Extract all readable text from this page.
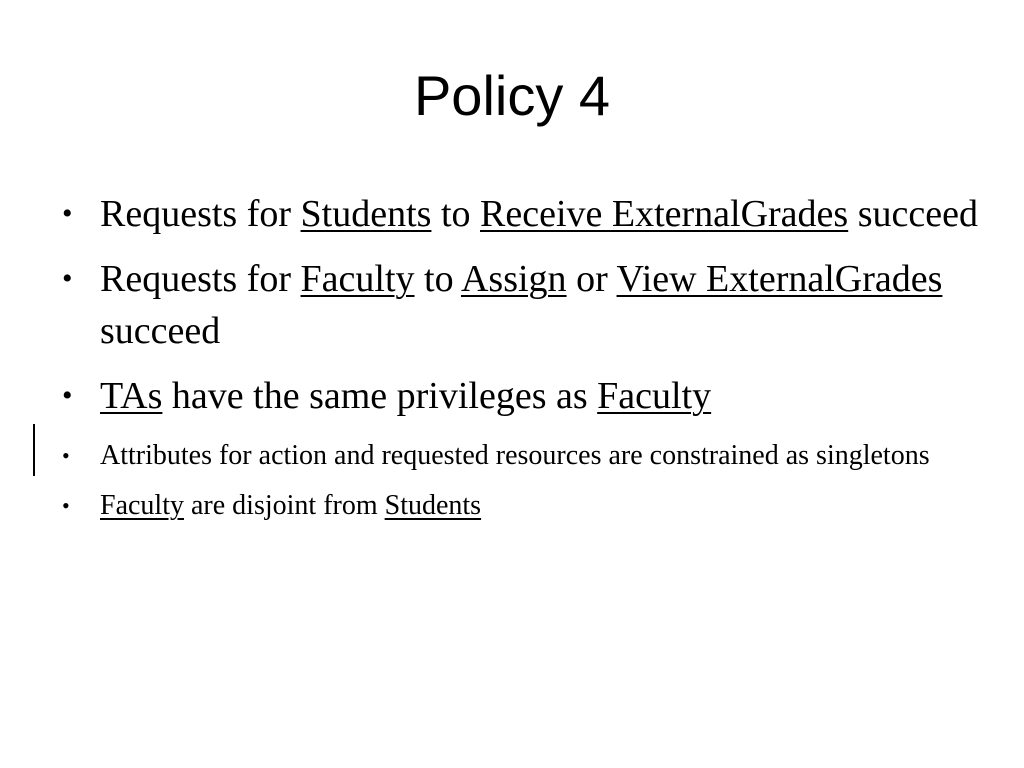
Policy 4
• Requests for Students to Receive ExternalGrades succeed
• Requests for Faculty to Assign or View ExternalGrades succeed
• TAs have the same privileges as Faculty
• Attributes for action and requested resources are constrained as singletons
• Faculty are disjoint from Students
